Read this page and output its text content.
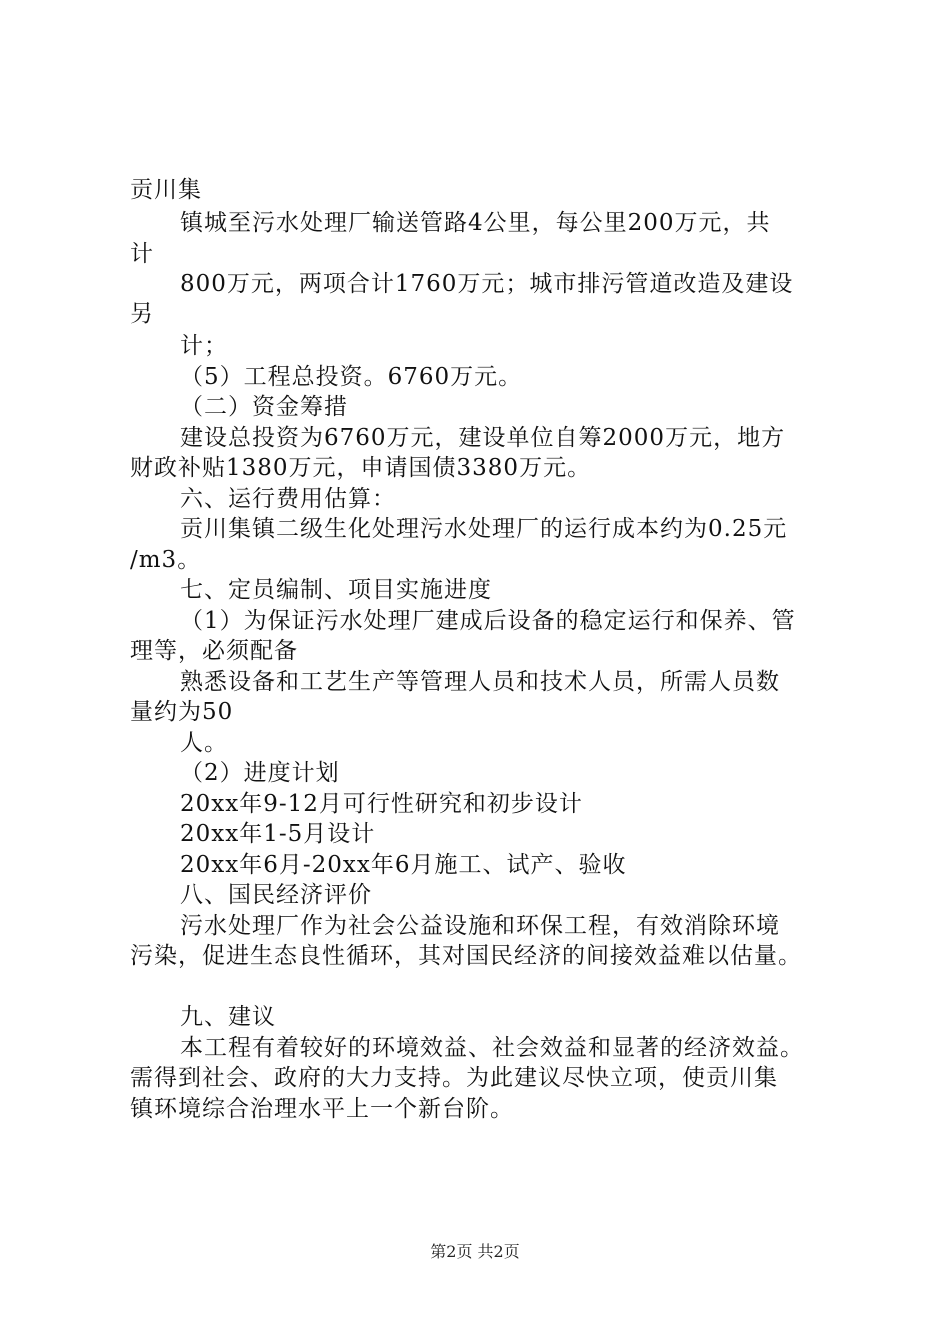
贡川集
镇城至污水处理厂输送管路4公里，每公里200万元，共
计
800万元，两项合计1760万元；城市排污管道改造及建设
另
计；
（5）工程总投资。6760万元。
（二）资金筹措
建设总投资为6760万元，建设单位自筹2000万元，地方
财政补贴1380万元，申请国债3380万元。
六、运行费用估算：
贡川集镇二级生化处理污水处理厂的运行成本约为0.25元
/m3。
七、定员编制、项目实施进度
（1）为保证污水处理厂建成后设备的稳定运行和保养、管
理等，必须配备
熟悉设备和工艺生产等管理人员和技术人员，所需人员数
量约为50
人。
（2）进度计划
20xx年9-12月可行性研究和初步设计
20xx年1-5月设计
20xx年6月-20xx年6月施工、试产、验收
八、国民经济评价
污水处理厂作为社会公益设施和环保工程，有效消除环境
污染，促进生态良性循环，其对国民经济的间接效益难以估量。
九、建议
本工程有着较好的环境效益、社会效益和显著的经济效益。
需得到社会、政府的大力支持。为此建议尽快立项，使贡川集
镇环境综合治理水平上一个新台阶。
第2页 共2页
